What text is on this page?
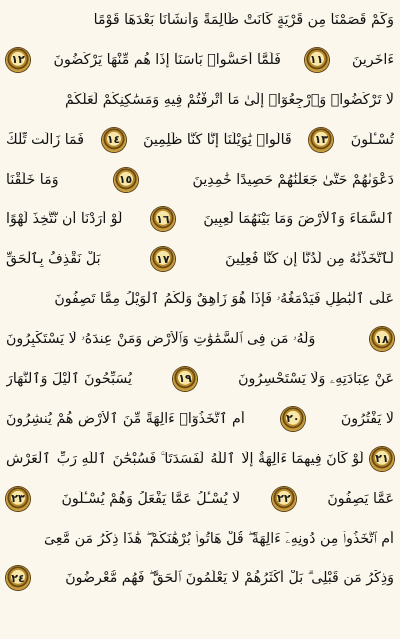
وَكَمْ قَصَمْنَا مِن قَرْيَةٍ كَانَتْ ظَالِمَةً وَأَنشَأْنَا بَعْدَهَا قَوْمًا
ءَاخَرِينَ
١١
فَلَمَّآ أَحَسُّوا۟ بَأْسَنَآ إِذَا هُم مِّنْهَا يَرْكُضُونَ
١٢
لَا تَرْكُضُوا۟ وَٱرْجِعُوٓا۟ إِلَىٰ مَآ أُتْرِفْتُمْ فِيهِ وَمَسَٰكِنِكُمْ لَعَلَّكُمْ
تُسْـَٔلُونَ
١٣
قَالُوا۟ يَٰوَيْلَنَآ إِنَّا كُنَّا ظَٰلِمِينَ
١٤
فَمَا زَالَت تِّلْكَ
دَعْوَىٰهُمْ حَتَّىٰ جَعَلْنَٰهُمْ حَصِيدًا خَٰمِدِينَ
١٥
وَمَا خَلَقْنَا
ٱلسَّمَآءَ وَٱلْأَرْضَ وَمَا بَيْنَهُمَا لَٰعِبِينَ
١٦
لَوْ أَرَدْنَآ أَن نَّتَّخِذَ لَهْوًا
لَّٱتَّخَذْنَٰهُ مِن لَّدُنَّآ إِن كُنَّا فَٰعِلِينَ
١٧
بَلْ نَقْذِفُ بِٱلْحَقِّ
عَلَى ٱلْبَٰطِلِ فَيَدْمَغُهُۥ فَإِذَا هُوَ زَاهِقٌ وَلَكُمُ ٱلْوَيْلُ مِمَّا تَصِفُونَ
١٨
وَلَهُۥ مَن فِى ٱلسَّمَٰوَٰتِ وَٱلْأَرْضِ وَمَنْ عِندَهُۥ لَا يَسْتَكْبِرُونَ
عَنْ عِبَادَتِهِۦ وَلَا يَسْتَحْسِرُونَ
١٩
يُسَبِّحُونَ ٱلَّيْلَ وَٱلنَّهَارَ
لَا يَفْتُرُونَ
٢٠
أَمِ ٱتَّخَذُوٓا۟ ءَالِهَةً مِّنَ ٱلْأَرْضِ هُمْ يُنشِرُونَ
٢١
لَوْ كَانَ فِيهِمَآ ءَالِهَةٌ إِلَّا
ٱللَّهُ
لَفَسَدَتَا ۚ فَسُبْحَٰنَ
ٱللَّهِ رَبِّ
ٱلْعَرْشِ
عَمَّا يَصِفُونَ
٢٢
لَا يُسْـَٔلُ عَمَّا يَفْعَلُ وَهُمْ يُسْـَٔلُونَ
٢٣
أَمِ ٱتَّخَذُوا۟ مِن دُونِهِۦٓ ءَالِهَةً ۖ قُلْ هَاتُوا۟ بُرْهَٰنَكُمْ ۖ هَٰذَا ذِكْرُ مَن مَّعِىَ
وَذِكْرُ مَن قَبْلِى ۗ بَلْ أَكْثَرُهُمْ لَا يَعْلَمُونَ ٱلْحَقَّ ۖ فَهُم مُّعْرِضُونَ
٢٤
